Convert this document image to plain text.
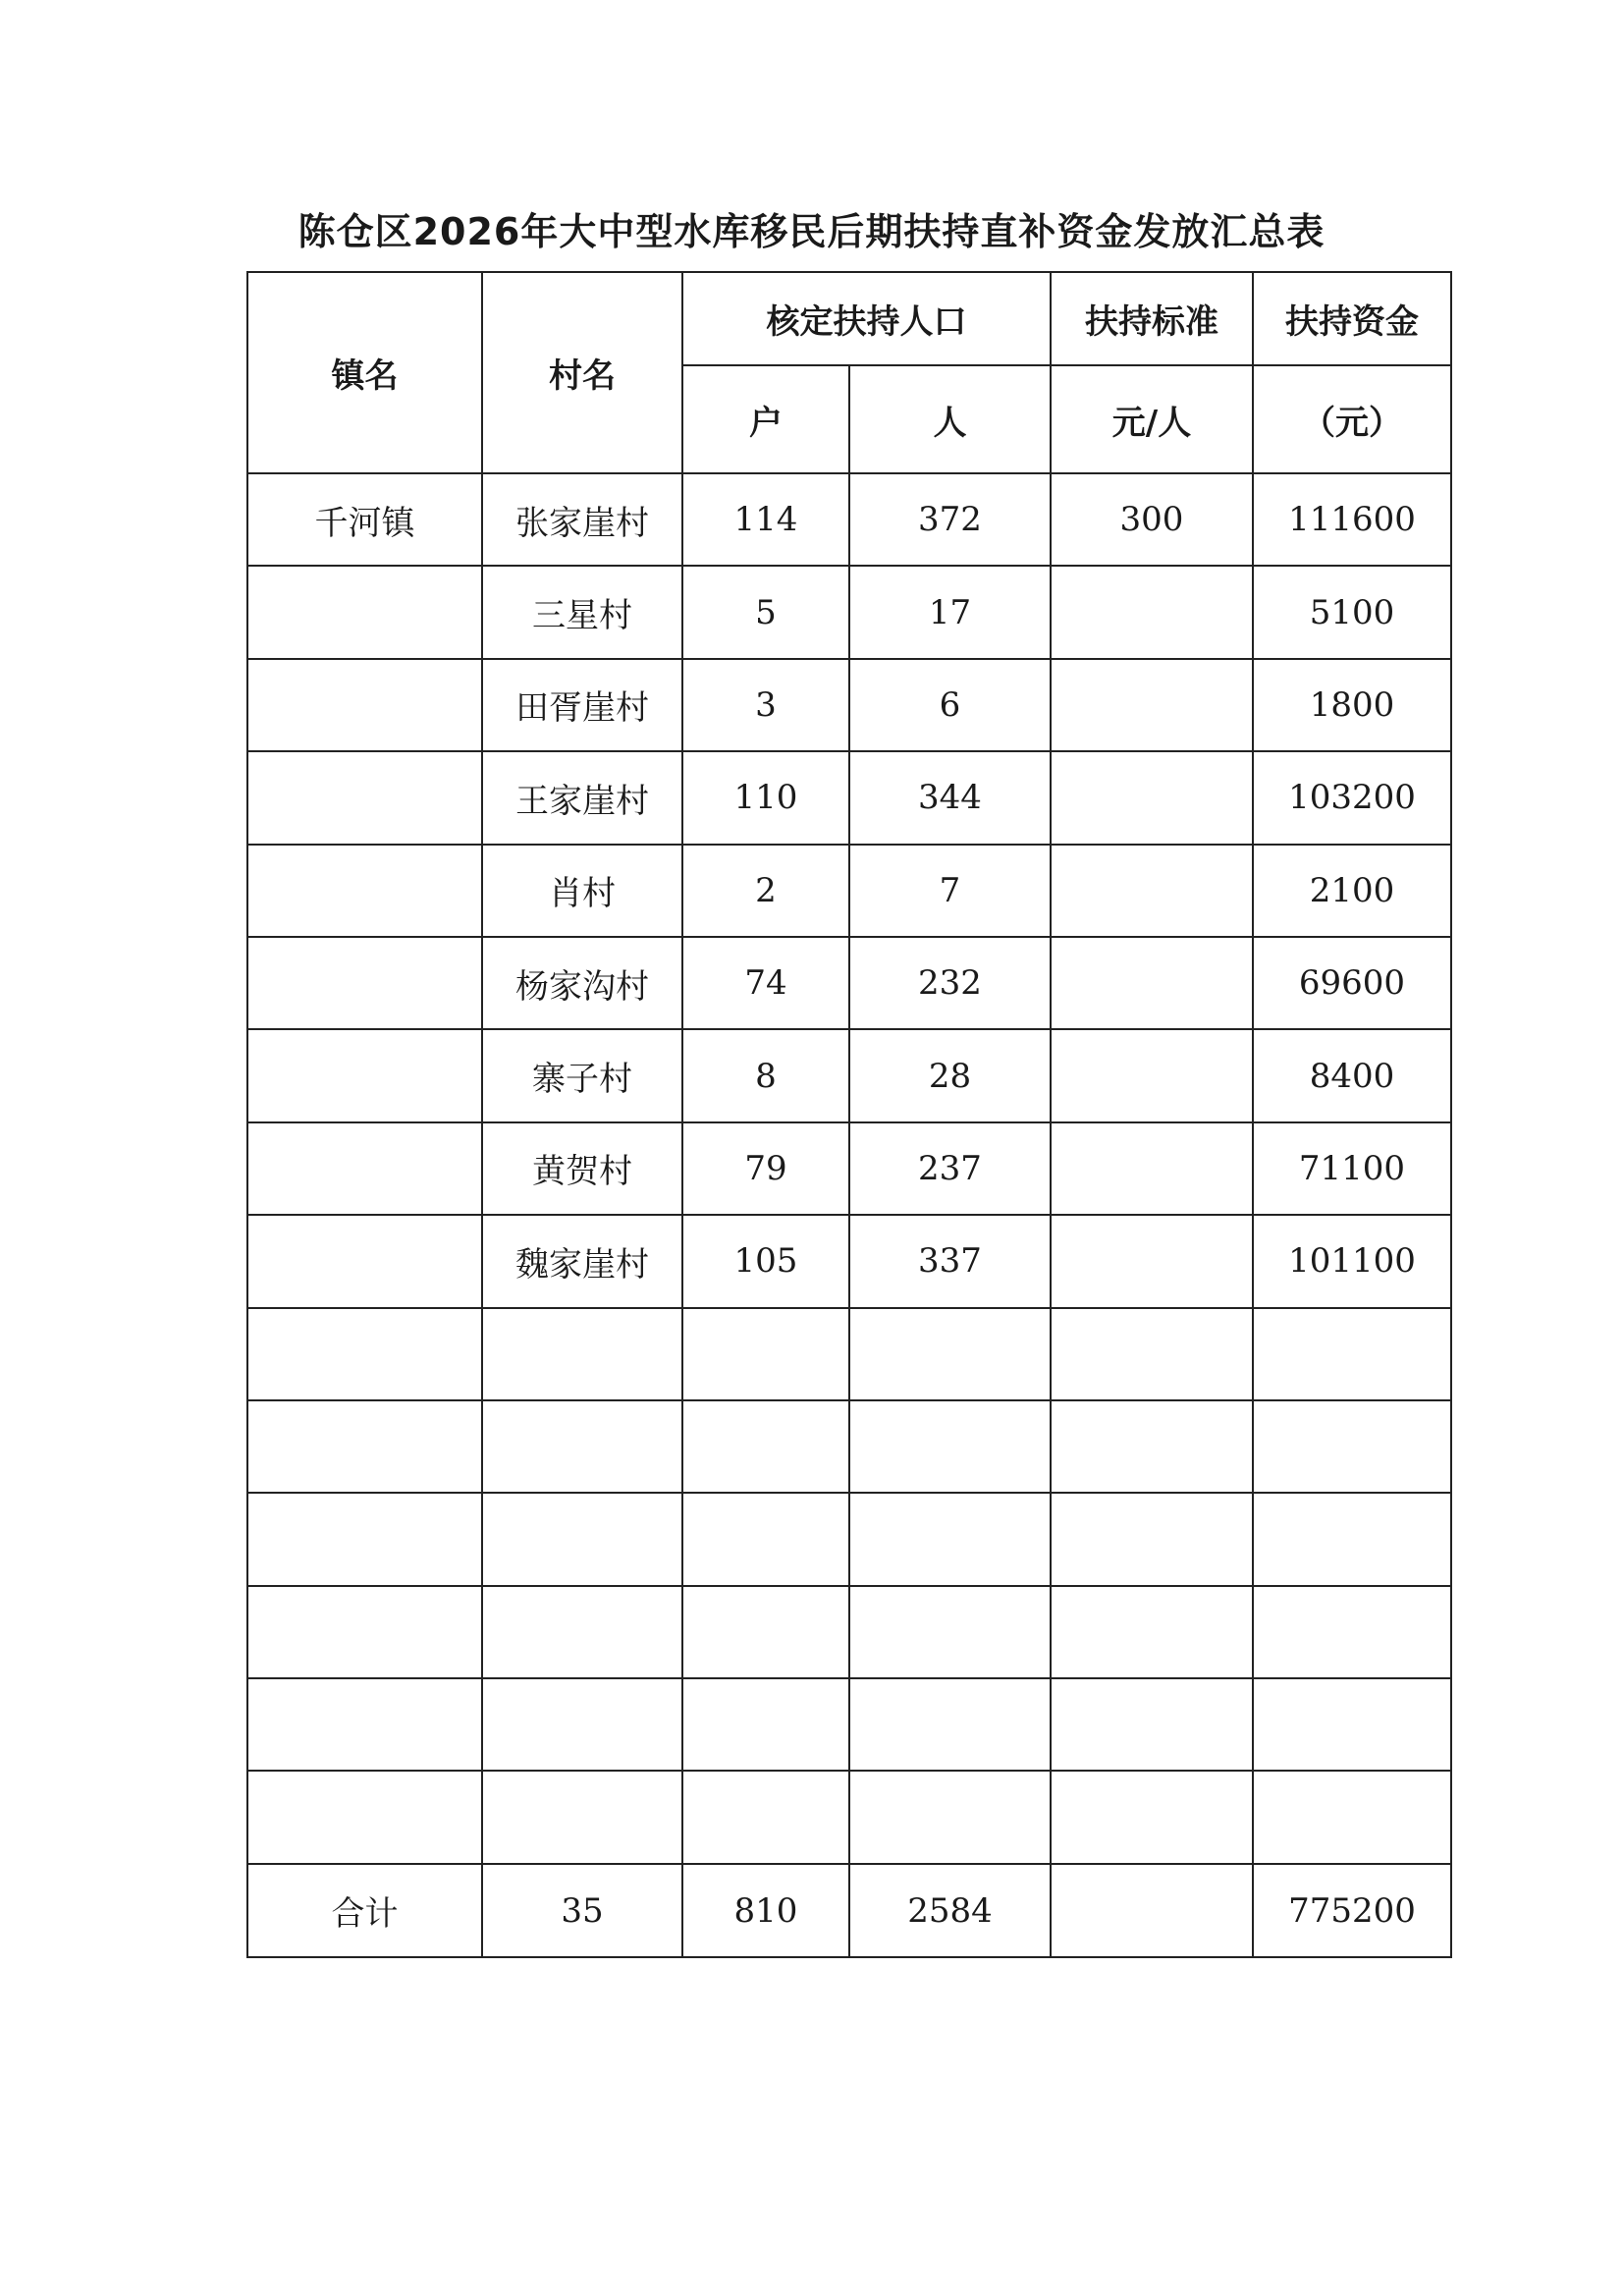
陈仓区2026年大中型水库移民后期扶持直补资金发放汇总表
镇名	村名	核定扶持人口		扶持标准	扶持资金
		户	人	元/人	（元）
千河镇	张家崖村	114	372	300	111600
	三星村	5	17		5100
	田胥崖村	3	6		1800
	王家崖村	110	344		103200
	肖村	2	7		2100
	杨家沟村	74	232		69600
	寨子村	8	28		8400
	黄贺村	79	237		71100
	魏家崖村	105	337		101100

合计	35	810	2584		775200
